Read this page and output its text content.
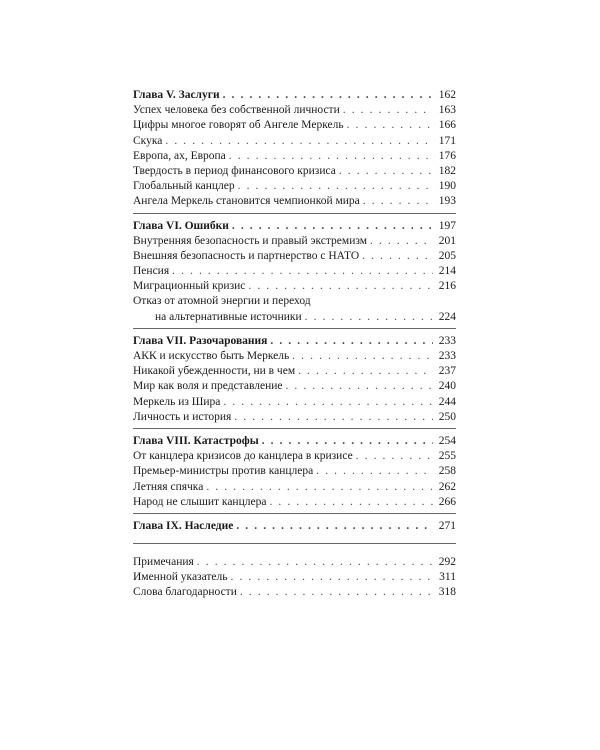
Глава V. Заслуги . . .	162
Успех человека без собственной личности . . .	163
Цифры многое говорят об Ангеле Меркель . . .	166
Скука . . .	171
Европа, ах, Европа . . .	176
Твердость в период финансового кризиса . . .	182
Глобальный канцлер . . .	190
Ангела Меркель становится чемпионкой мира . . .	193
Глава VI. Ошибки . . .	197
Внутренняя безопасность и правый экстремизм . . .	201
Внешняя безопасность и партнерство с НАТО . . .	205
Пенсия . . .	214
Миграционный кризис . . .	216
Отказ от атомной энергии и переход
на альтернативные источники . . .	224
Глава VII. Разочарования . . .	233
АКК и искусство быть Меркель . . .	233
Никакой убежденности, ни в чем . . .	237
Мир как воля и представление . . .	240
Меркель из Шира . . .	244
Личность и история . . .	250
Глава VIII. Катастрофы . . .	254
От канцлера кризисов до канцлера в кризисе . . .	255
Премьер-министры против канцлера . . .	258
Летняя спячка . . .	262
Народ не слышит канцлера . . .	266
Глава IX. Наследие . . .	271
Примечания . . .	292
Именной указатель . . .	311
Слова благодарности . . .	318
